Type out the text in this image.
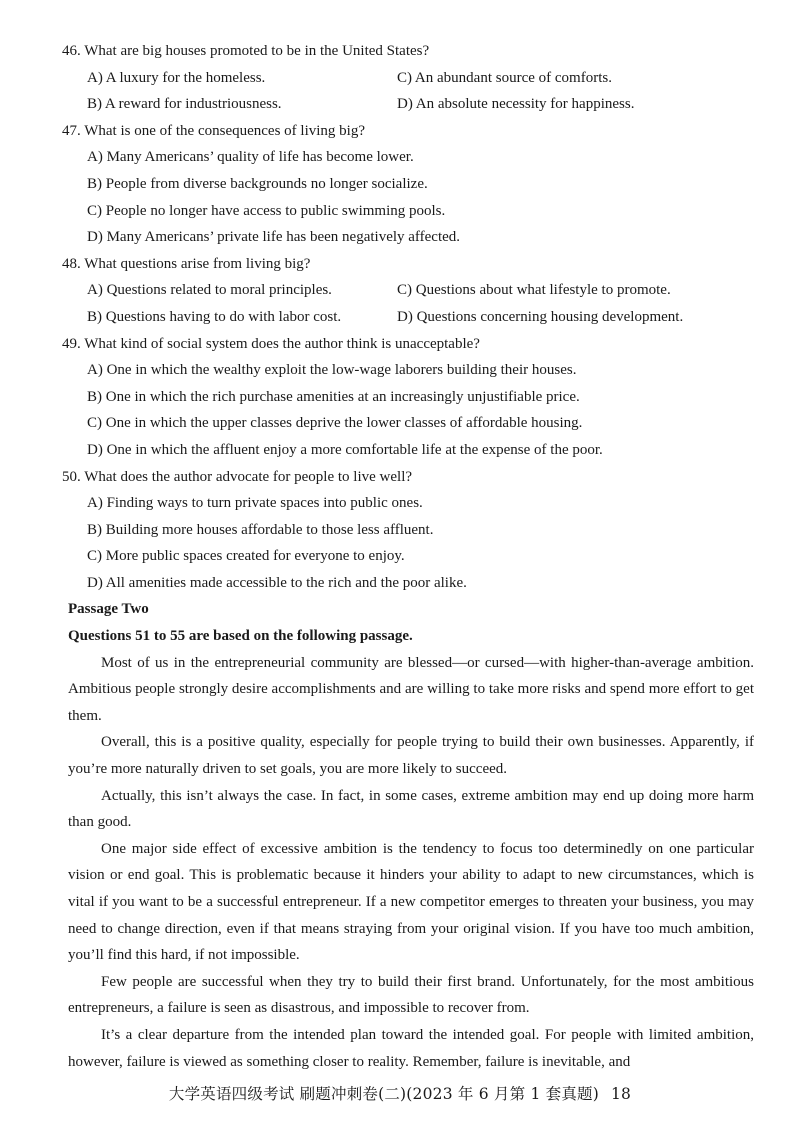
46. What are big houses promoted to be in the United States?
A) A luxury for the homeless.	C) An abundant source of comforts.
B) A reward for industriousness.	D) An absolute necessity for happiness.
47. What is one of the consequences of living big?
A) Many Americans’ quality of life has become lower.
B) People from diverse backgrounds no longer socialize.
C) People no longer have access to public swimming pools.
D) Many Americans’ private life has been negatively affected.
48. What questions arise from living big?
A) Questions related to moral principles.	C) Questions about what lifestyle to promote.
B) Questions having to do with labor cost.	D) Questions concerning housing development.
49. What kind of social system does the author think is unacceptable?
A) One in which the wealthy exploit the low-wage laborers building their houses.
B) One in which the rich purchase amenities at an increasingly unjustifiable price.
C) One in which the upper classes deprive the lower classes of affordable housing.
D) One in which the affluent enjoy a more comfortable life at the expense of the poor.
50. What does the author advocate for people to live well?
A) Finding ways to turn private spaces into public ones.
B) Building more houses affordable to those less affluent.
C) More public spaces created for everyone to enjoy.
D) All amenities made accessible to the rich and the poor alike.
Passage Two
Questions 51 to 55 are based on the following passage.

Most of us in the entrepreneurial community are blessed—or cursed—with higher-than-average ambition. Ambitious people strongly desire accomplishments and are willing to take more risks and spend more effort to get them.

Overall, this is a positive quality, especially for people trying to build their own businesses. Apparently, if you’re more naturally driven to set goals, you are more likely to succeed.

Actually, this isn’t always the case. In fact, in some cases, extreme ambition may end up doing more harm than good.

One major side effect of excessive ambition is the tendency to focus too determinedly on one particular vision or end goal. This is problematic because it hinders your ability to adapt to new circumstances, which is vital if you want to be a successful entrepreneur. If a new competitor emerges to threaten your business, you may need to change direction, even if that means straying from your original vision. If you have too much ambition, you’ll find this hard, if not impossible.

Few people are successful when they try to build their first brand. Unfortunately, for the most ambitious entrepreneurs, a failure is seen as disastrous, and impossible to recover from.

It’s a clear departure from the intended plan toward the intended goal. For people with limited ambition, however, failure is viewed as something closer to reality. Remember, failure is inevitable, and

大学英语四级考试 刷题冲刺卷(二)(2023 年 6 月第 1 套真题) 18
